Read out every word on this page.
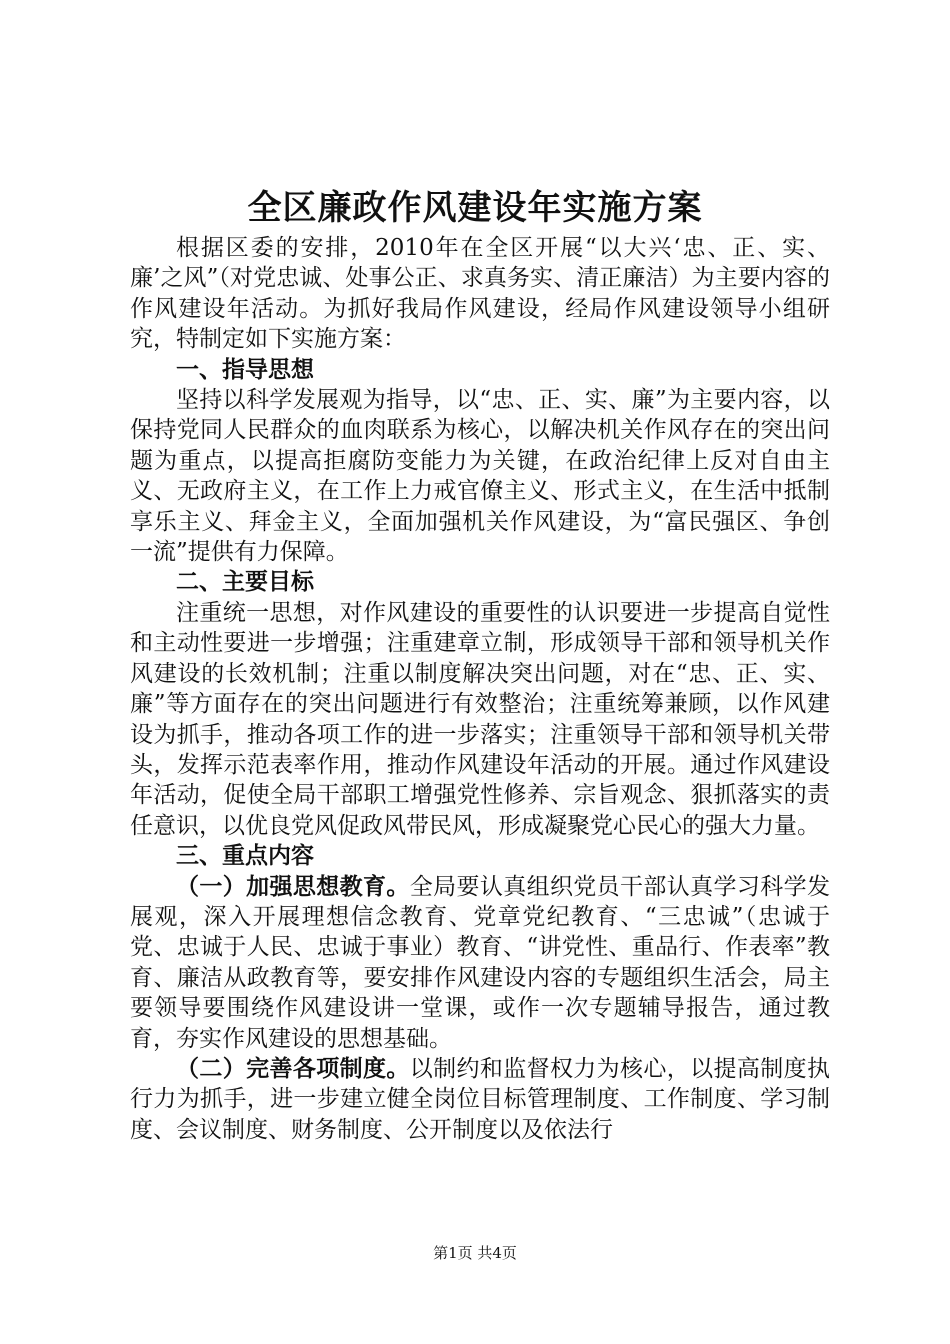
全区廉政作风建设年实施方案

根据区委的安排，2010年在全区开展“以大兴‘忠、正、实、廉’之风”（对党忠诚、处事公正、求真务实、清正廉洁）为主要内容的作风建设年活动。为抓好我局作风建设，经局作风建设领导小组研究，特制定如下实施方案：

一、指导思想

坚持以科学发展观为指导，以“忠、正、实、廉”为主要内容，以保持党同人民群众的血肉联系为核心，以解决机关作风存在的突出问题为重点，以提高拒腐防变能力为关键，在政治纪律上反对自由主义、无政府主义，在工作上力戒官僚主义、形式主义，在生活中抵制享乐主义、拜金主义，全面加强机关作风建设，为“富民强区、争创一流”提供有力保障。

二、主要目标

注重统一思想，对作风建设的重要性的认识要进一步提高自觉性和主动性要进一步增强；注重建章立制，形成领导干部和领导机关作风建设的长效机制；注重以制度解决突出问题，对在“忠、正、实、廉”等方面存在的突出问题进行有效整治；注重统筹兼顾，以作风建设为抓手，推动各项工作的进一步落实；注重领导干部和领导机关带头，发挥示范表率作用，推动作风建设年活动的开展。通过作风建设年活动，促使全局干部职工增强党性修养、宗旨观念、狠抓落实的责任意识，以优良党风促政风带民风，形成凝聚党心民心的强大力量。

三、重点内容

（一）加强思想教育。全局要认真组织党员干部认真学习科学发展观，深入开展理想信念教育、党章党纪教育、“三忠诚”（忠诚于党、忠诚于人民、忠诚于事业）教育、“讲党性、重品行、作表率”教育、廉洁从政教育等，要安排作风建设内容的专题组织生活会，局主要领导要围绕作风建设讲一堂课，或作一次专题辅导报告，通过教育，夯实作风建设的思想基础。

（二）完善各项制度。以制约和监督权力为核心，以提高制度执行力为抓手，进一步建立健全岗位目标管理制度、工作制度、学习制度、会议制度、财务制度、公开制度以及依法行

第1页 共4页
